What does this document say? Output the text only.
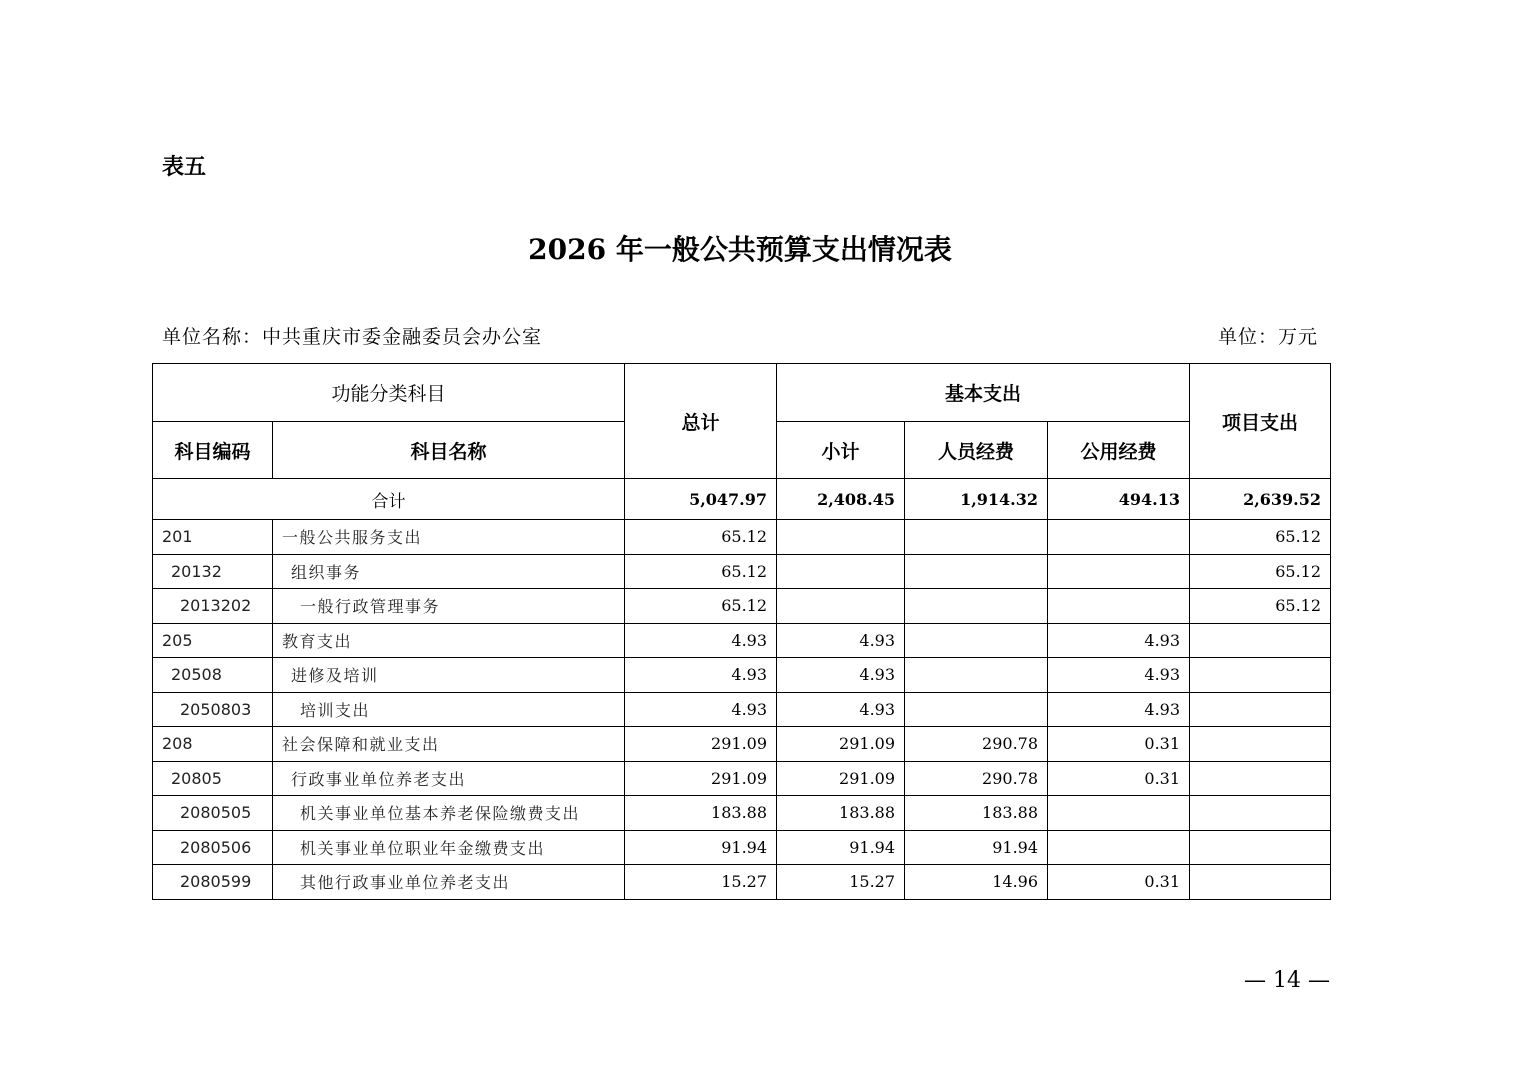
表五
2026 年一般公共预算支出情况表
单位名称：中共重庆市委金融委员会办公室	单位：万元
功能分类科目		总计	基本支出			项目支出
科目编码	科目名称		小计	人员经费	公用经费	
合计		5,047.97	2,408.45	1,914.32	494.13	2,639.52
201	一般公共服务支出	65.12				65.12
20132	组织事务	65.12				65.12
2013202	一般行政管理事务	65.12				65.12
205	教育支出	4.93	4.93		4.93	
20508	进修及培训	4.93	4.93		4.93	
2050803	培训支出	4.93	4.93		4.93	
208	社会保障和就业支出	291.09	291.09	290.78	0.31	
20805	行政事业单位养老支出	291.09	291.09	290.78	0.31	
2080505	机关事业单位基本养老保险缴费支出	183.88	183.88	183.88		
2080506	机关事业单位职业年金缴费支出	91.94	91.94	91.94		
2080599	其他行政事业单位养老支出	15.27	15.27	14.96	0.31	
— 14 —
